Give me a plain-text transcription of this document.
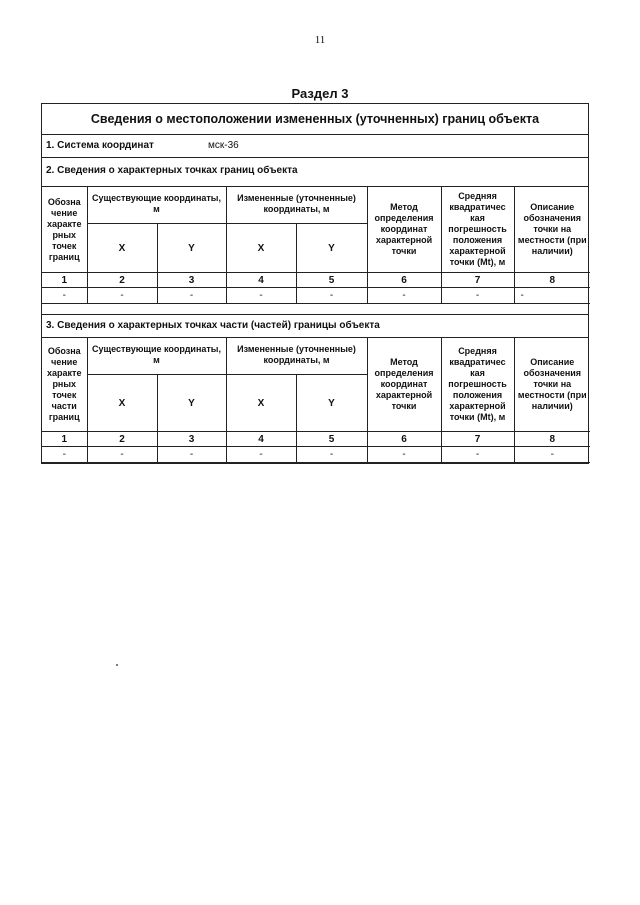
11
Раздел 3
Сведения о местоположении измененных (уточненных) границ объекта
1. Система координат	мск-36
2. Сведения о характерных точках границ объекта
Обозна чение характе рных точек границ	Существующие координаты, м		Измененные (уточненные) координаты, м		Метод определения координат характерной точки	Средняя квадратичес кая погрешность положения характерной точки (Mt), м	Описание обозначения точки на местности (при наличии)
	X	Y	X	Y			
1	2	3	4	5	6	7	8
-	-	-	-	-	-	-	-
3. Сведения о характерных точках части (частей) границы объекта
Обозна чение характе рных точек части границ	Существующие координаты, м		Измененные (уточненные) координаты, м		Метод определения координат характерной точки	Средняя квадратичес кая погрешность положения характерной точки (Mt), м	Описание обозначения точки на местности (при наличии)
	X	Y	X	Y			
1	2	3	4	5	6	7	8
-	-	-	-	-	-	-	-
